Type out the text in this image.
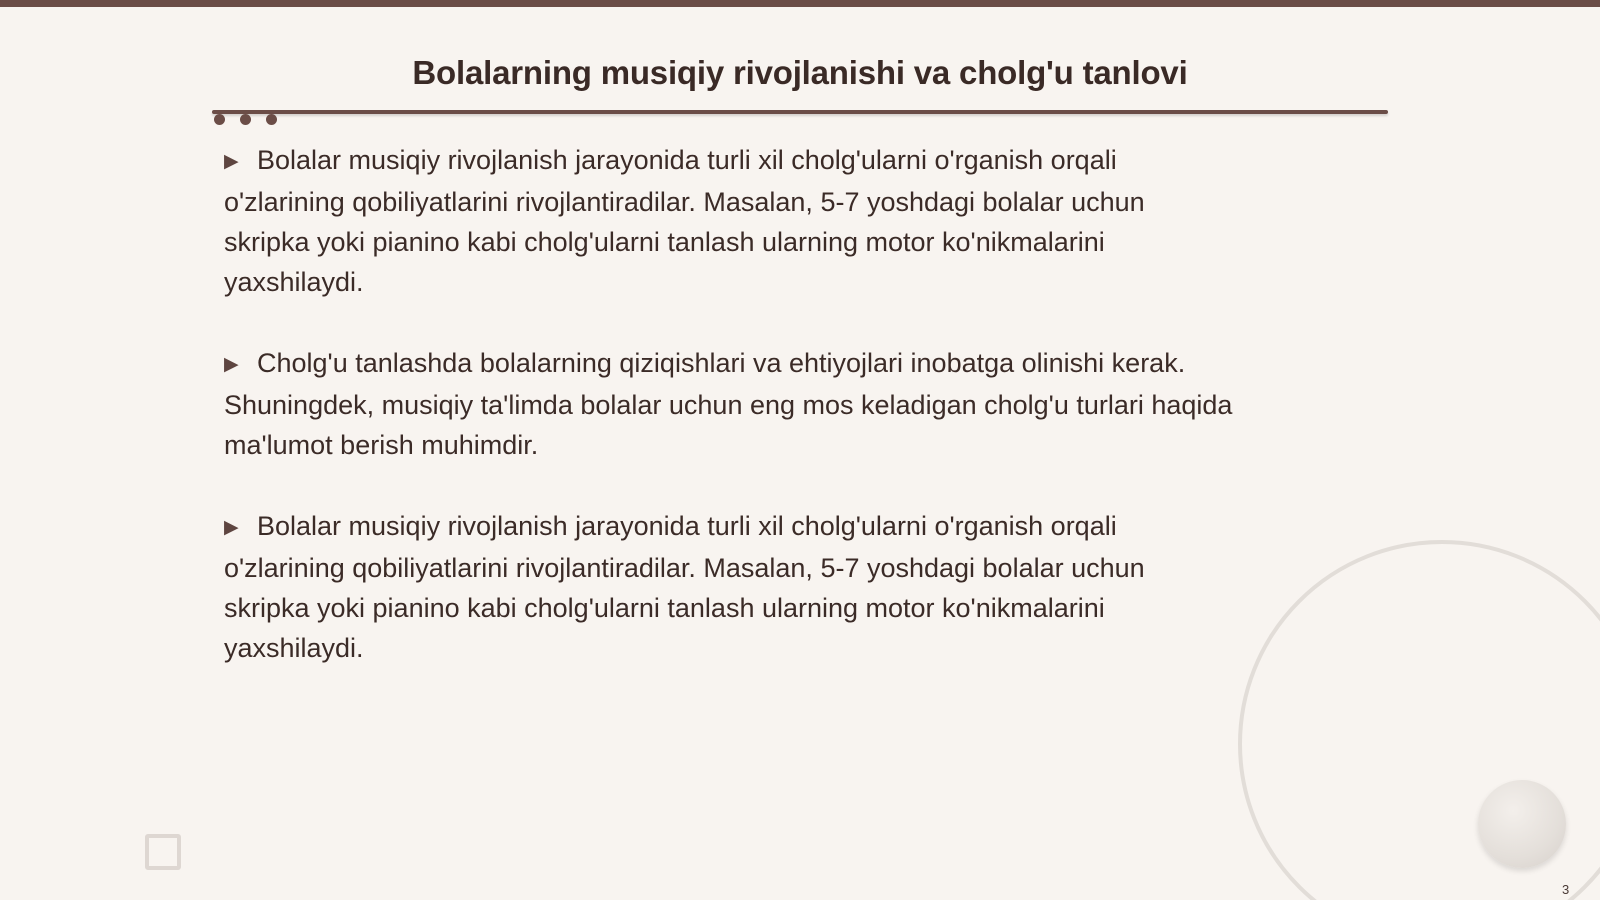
Bolalarning musiqiy rivojlanishi va cholg'u tanlovi
▶ Bolalar musiqiy rivojlanish jarayonida turli xil cholg'ularni o'rganish orqali
o'zlarining qobiliyatlarini rivojlantiradilar. Masalan, 5-7 yoshdagi bolalar uchun
skripka yoki pianino kabi cholg'ularni tanlash ularning motor ko'nikmalarini
yaxshilaydi.
▶ Cholg'u tanlashda bolalarning qiziqishlari va ehtiyojlari inobatga olinishi kerak.
Shuningdek, musiqiy ta'limda bolalar uchun eng mos keladigan cholg'u turlari haqida
ma'lumot berish muhimdir.
▶ Bolalar musiqiy rivojlanish jarayonida turli xil cholg'ularni o'rganish orqali
o'zlarining qobiliyatlarini rivojlantiradilar. Masalan, 5-7 yoshdagi bolalar uchun
skripka yoki pianino kabi cholg'ularni tanlash ularning motor ko'nikmalarini
yaxshilaydi.
3
